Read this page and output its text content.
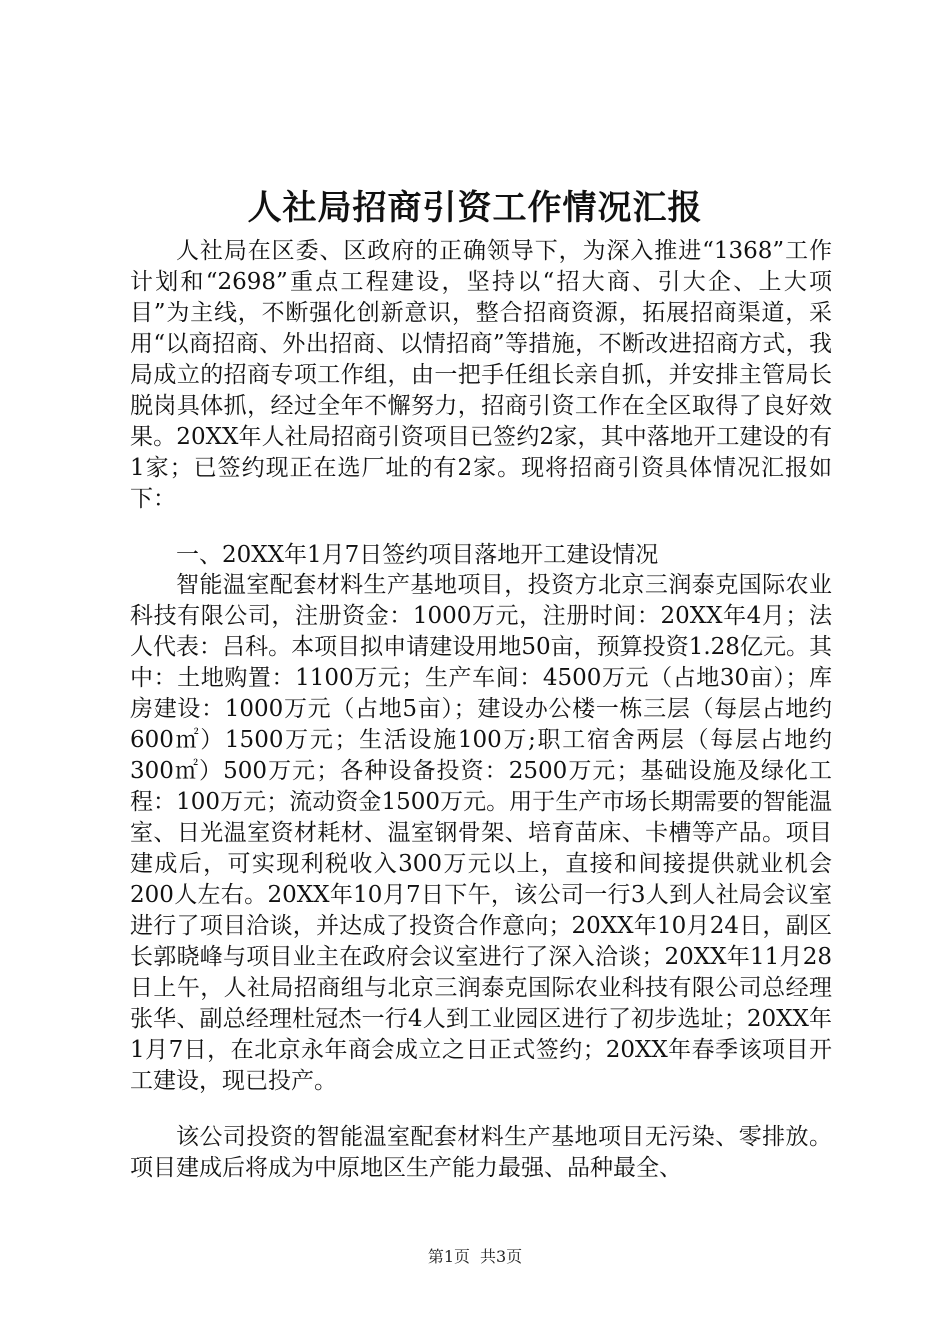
人社局招商引资工作情况汇报

人社局在区委、区政府的正确领导下，为深入推进“1368”工作计划和“2698”重点工程建设，坚持以“招大商、引大企、上大项目”为主线，不断强化创新意识，整合招商资源，拓展招商渠道，采用“以商招商、外出招商、以情招商”等措施，不断改进招商方式，我局成立的招商专项工作组，由一把手任组长亲自抓，并安排主管局长脱岗具体抓，经过全年不懈努力，招商引资工作在全区取得了良好效果。20XX年人社局招商引资项目已签约2家，其中落地开工建设的有1家；已签约现正在选厂址的有2家。现将招商引资具体情况汇报如下：

一、20XX年1月7日签约项目落地开工建设情况

智能温室配套材料生产基地项目，投资方北京三润泰克国际农业科技有限公司，注册资金：1000万元，注册时间：20XX年4月；法人代表：吕科。本项目拟申请建设用地50亩，预算投资1.28亿元。其中：土地购置：1100万元；生产车间：4500万元（占地30亩）；库房建设：1000万元（占地5亩）；建设办公楼一栋三层（每层占地约600㎡）1500万元；生活设施100万;职工宿舍两层（每层占地约300㎡）500万元；各种设备投资：2500万元；基础设施及绿化工程：100万元；流动资金1500万元。用于生产市场长期需要的智能温室、日光温室资材耗材、温室钢骨架、培育苗床、卡槽等产品。项目建成后，可实现利税收入300万元以上，直接和间接提供就业机会200人左右。20XX年10月7日下午，该公司一行3人到人社局会议室进行了项目洽谈，并达成了投资合作意向；20XX年10月24日，副区长郭晓峰与项目业主在政府会议室进行了深入洽谈；20XX年11月28日上午，人社局招商组与北京三润泰克国际农业科技有限公司总经理张华、副总经理杜冠杰一行4人到工业园区进行了初步选址；20XX年1月7日，在北京永年商会成立之日正式签约；20XX年春季该项目开工建设，现已投产。

该公司投资的智能温室配套材料生产基地项目无污染、零排放。项目建成后将成为中原地区生产能力最强、品种最全、

第1页 共3页
